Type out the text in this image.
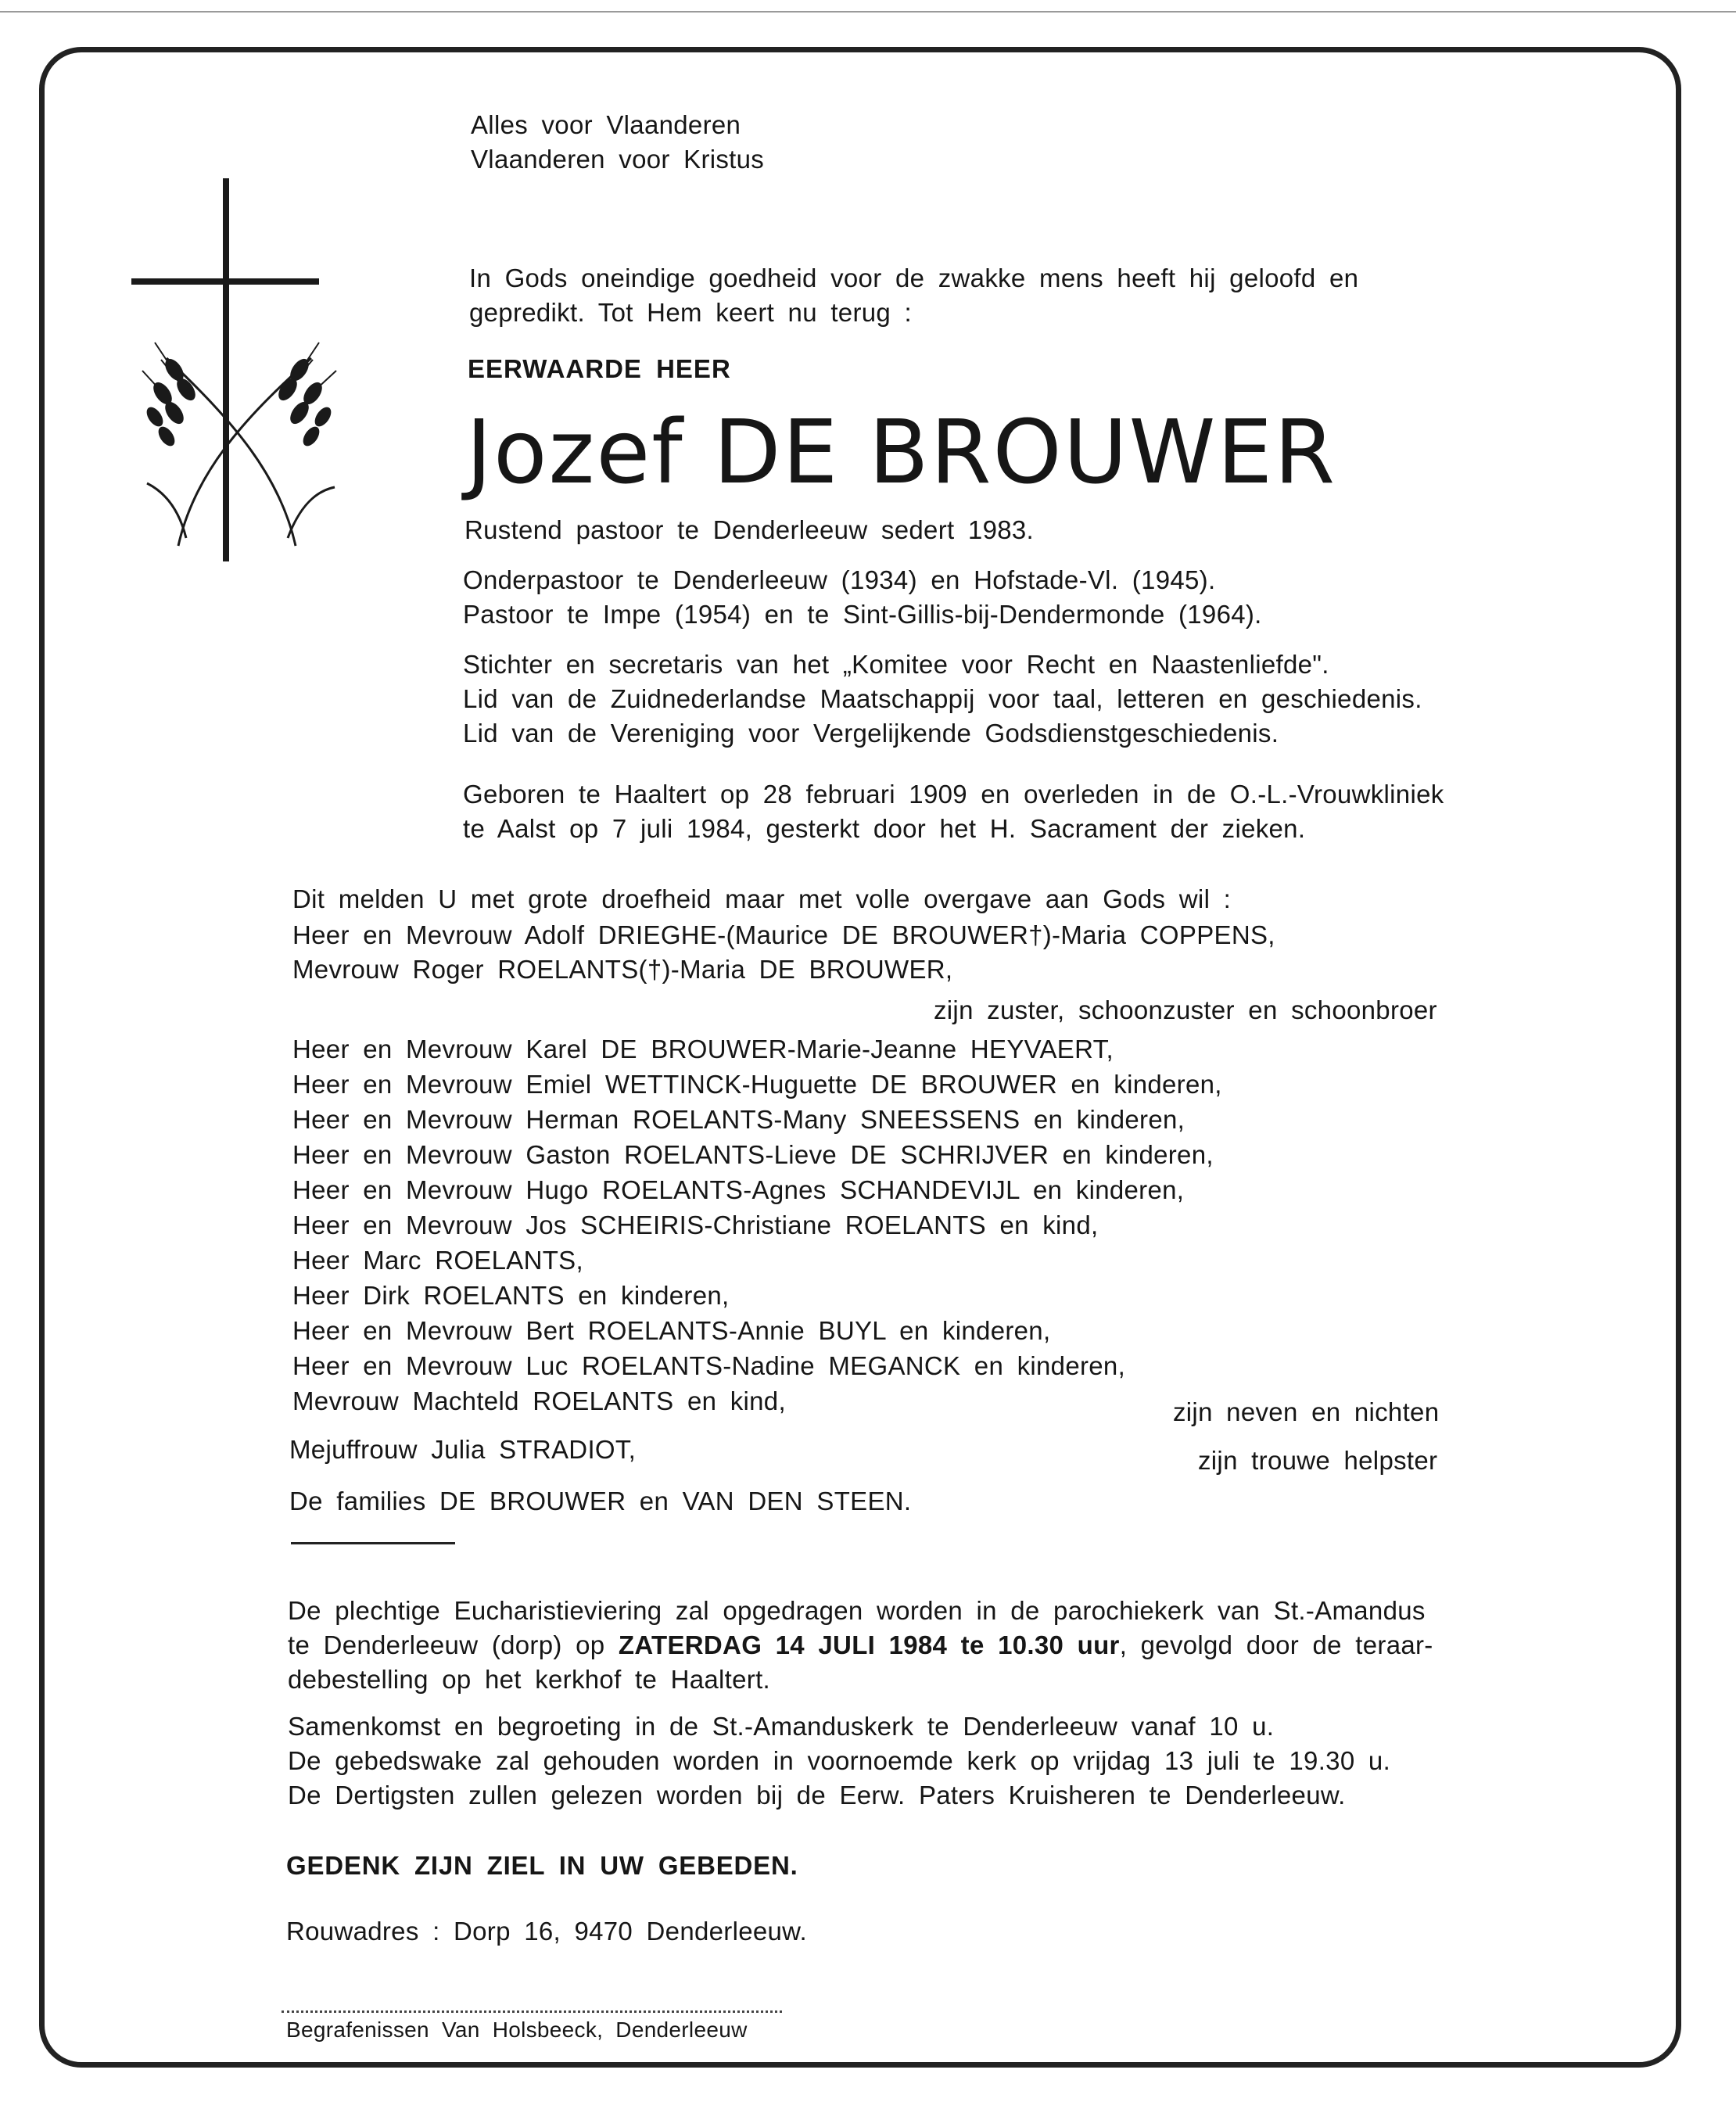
Alles voor Vlaanderen
Vlaanderen voor Kristus
In Gods oneindige goedheid voor de zwakke mens heeft hij geloofd en
gepredikt. Tot Hem keert nu terug :
EERWAARDE HEER
Jozef DE BROUWER
Rustend pastoor te Denderleeuw sedert 1983.
Onderpastoor te Denderleeuw (1934) en Hofstade-Vl. (1945).
Pastoor te Impe (1954) en te Sint-Gillis-bij-Dendermonde (1964).
Stichter en secretaris van het „Komitee voor Recht en Naastenliefde".
Lid van de Zuidnederlandse Maatschappij voor taal, letteren en geschiedenis.
Lid van de Vereniging voor Vergelijkende Godsdienstgeschiedenis.
Geboren te Haaltert op 28 februari 1909 en overleden in de O.-L.-Vrouwkliniek
te Aalst op 7 juli 1984, gesterkt door het H. Sacrament der zieken.
Dit melden U met grote droefheid maar met volle overgave aan Gods wil :
Heer en Mevrouw Adolf DRIEGHE-(Maurice DE BROUWER†)-Maria COPPENS,
Mevrouw Roger ROELANTS(†)-Maria DE BROUWER,
zijn zuster, schoonzuster en schoonbroer
Heer en Mevrouw Karel DE BROUWER-Marie-Jeanne HEYVAERT,
Heer en Mevrouw Emiel WETTINCK-Huguette DE BROUWER en kinderen,
Heer en Mevrouw Herman ROELANTS-Many SNEESSENS en kinderen,
Heer en Mevrouw Gaston ROELANTS-Lieve DE SCHRIJVER en kinderen,
Heer en Mevrouw Hugo ROELANTS-Agnes SCHANDEVIJL en kinderen,
Heer en Mevrouw Jos SCHEIRIS-Christiane ROELANTS en kind,
Heer Marc ROELANTS,
Heer Dirk ROELANTS en kinderen,
Heer en Mevrouw Bert ROELANTS-Annie BUYL en kinderen,
Heer en Mevrouw Luc ROELANTS-Nadine MEGANCK en kinderen,
Mevrouw Machteld ROELANTS en kind,	zijn neven en nichten
Mejuffrouw Julia STRADIOT,	zijn trouwe helpster
De families DE BROUWER en VAN DEN STEEN.
De plechtige Eucharistieviering zal opgedragen worden in de parochiekerk van St.-Amandus
te Denderleeuw (dorp) op ZATERDAG 14 JULI 1984 te 10.30 uur, gevolgd door de teraar-
debestelling op het kerkhof te Haaltert.
Samenkomst en begroeting in de St.-Amanduskerk te Denderleeuw vanaf 10 u.
De gebedswake zal gehouden worden in voornoemde kerk op vrijdag 13 juli te 19.30 u.
De Dertigsten zullen gelezen worden bij de Eerw. Paters Kruisheren te Denderleeuw.
GEDENK ZIJN ZIEL IN UW GEBEDEN.
Rouwadres : Dorp 16, 9470 Denderleeuw.
Begrafenissen Van Holsbeeck, Denderleeuw
